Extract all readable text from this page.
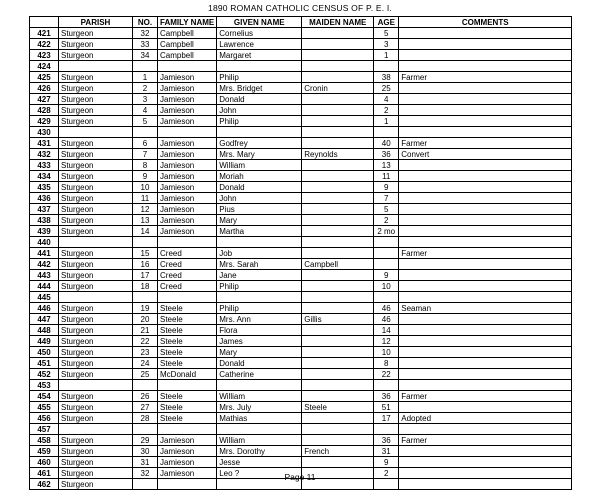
1890 ROMAN CATHOLIC CENSUS OF P. E. I.
	PARISH	NO.	FAMILY NAME	GIVEN NAME	MAIDEN NAME	AGE	COMMENTS
421	Sturgeon	32	Campbell	Cornelius		5	
422	Sturgeon	33	Campbell	Lawrence		3	
423	Sturgeon	34	Campbell	Margaret		1	
424							
425	Sturgeon	1	Jamieson	Philip		38	Farmer
426	Sturgeon	2	Jamieson	Mrs. Bridget	Cronin	25	
427	Sturgeon	3	Jamieson	Donald		4	
428	Sturgeon	4	Jamieson	John		2	
429	Sturgeon	5	Jamieson	Philip		1	
430							
431	Sturgeon	6	Jamieson	Godfrey		40	Farmer
432	Sturgeon	7	Jamieson	Mrs. Mary	Reynolds	36	Convert
433	Sturgeon	8	Jamieson	William		13	
434	Sturgeon	9	Jamieson	Moriah		11	
435	Sturgeon	10	Jamieson	Donald		9	
436	Sturgeon	11	Jamieson	John		7	
437	Sturgeon	12	Jamieson	Pius		5	
438	Sturgeon	13	Jamieson	Mary		2	
439	Sturgeon	14	Jamieson	Martha		2 mo	
440							
441	Sturgeon	15	Creed	Job			Farmer
442	Sturgeon	16	Creed	Mrs. Sarah	Campbell		
443	Sturgeon	17	Creed	Jane		9	
444	Sturgeon	18	Creed	Philip		10	
445							
446	Sturgeon	19	Steele	Philip		46	Seaman
447	Sturgeon	20	Steele	Mrs. Ann	Gillis	46	
448	Sturgeon	21	Steele	Flora		14	
449	Sturgeon	22	Steele	James		12	
450	Sturgeon	23	Steele	Mary		10	
451	Sturgeon	24	Steele	Donald		8	
452	Sturgeon	25	McDonald	Catherine		22	
453							
454	Sturgeon	26	Steele	William		36	Farmer
455	Sturgeon	27	Steele	Mrs. July	Steele	51	
456	Sturgeon	28	Steele	Mathias		17	Adopted
457							
458	Sturgeon	29	Jamieson	William		36	Farmer
459	Sturgeon	30	Jamieson	Mrs. Dorothy	French	31	
460	Sturgeon	31	Jamieson	Jesse		9	
461	Sturgeon	32	Jamieson	Leo ?		2	
462	Sturgeon						
Page 11
